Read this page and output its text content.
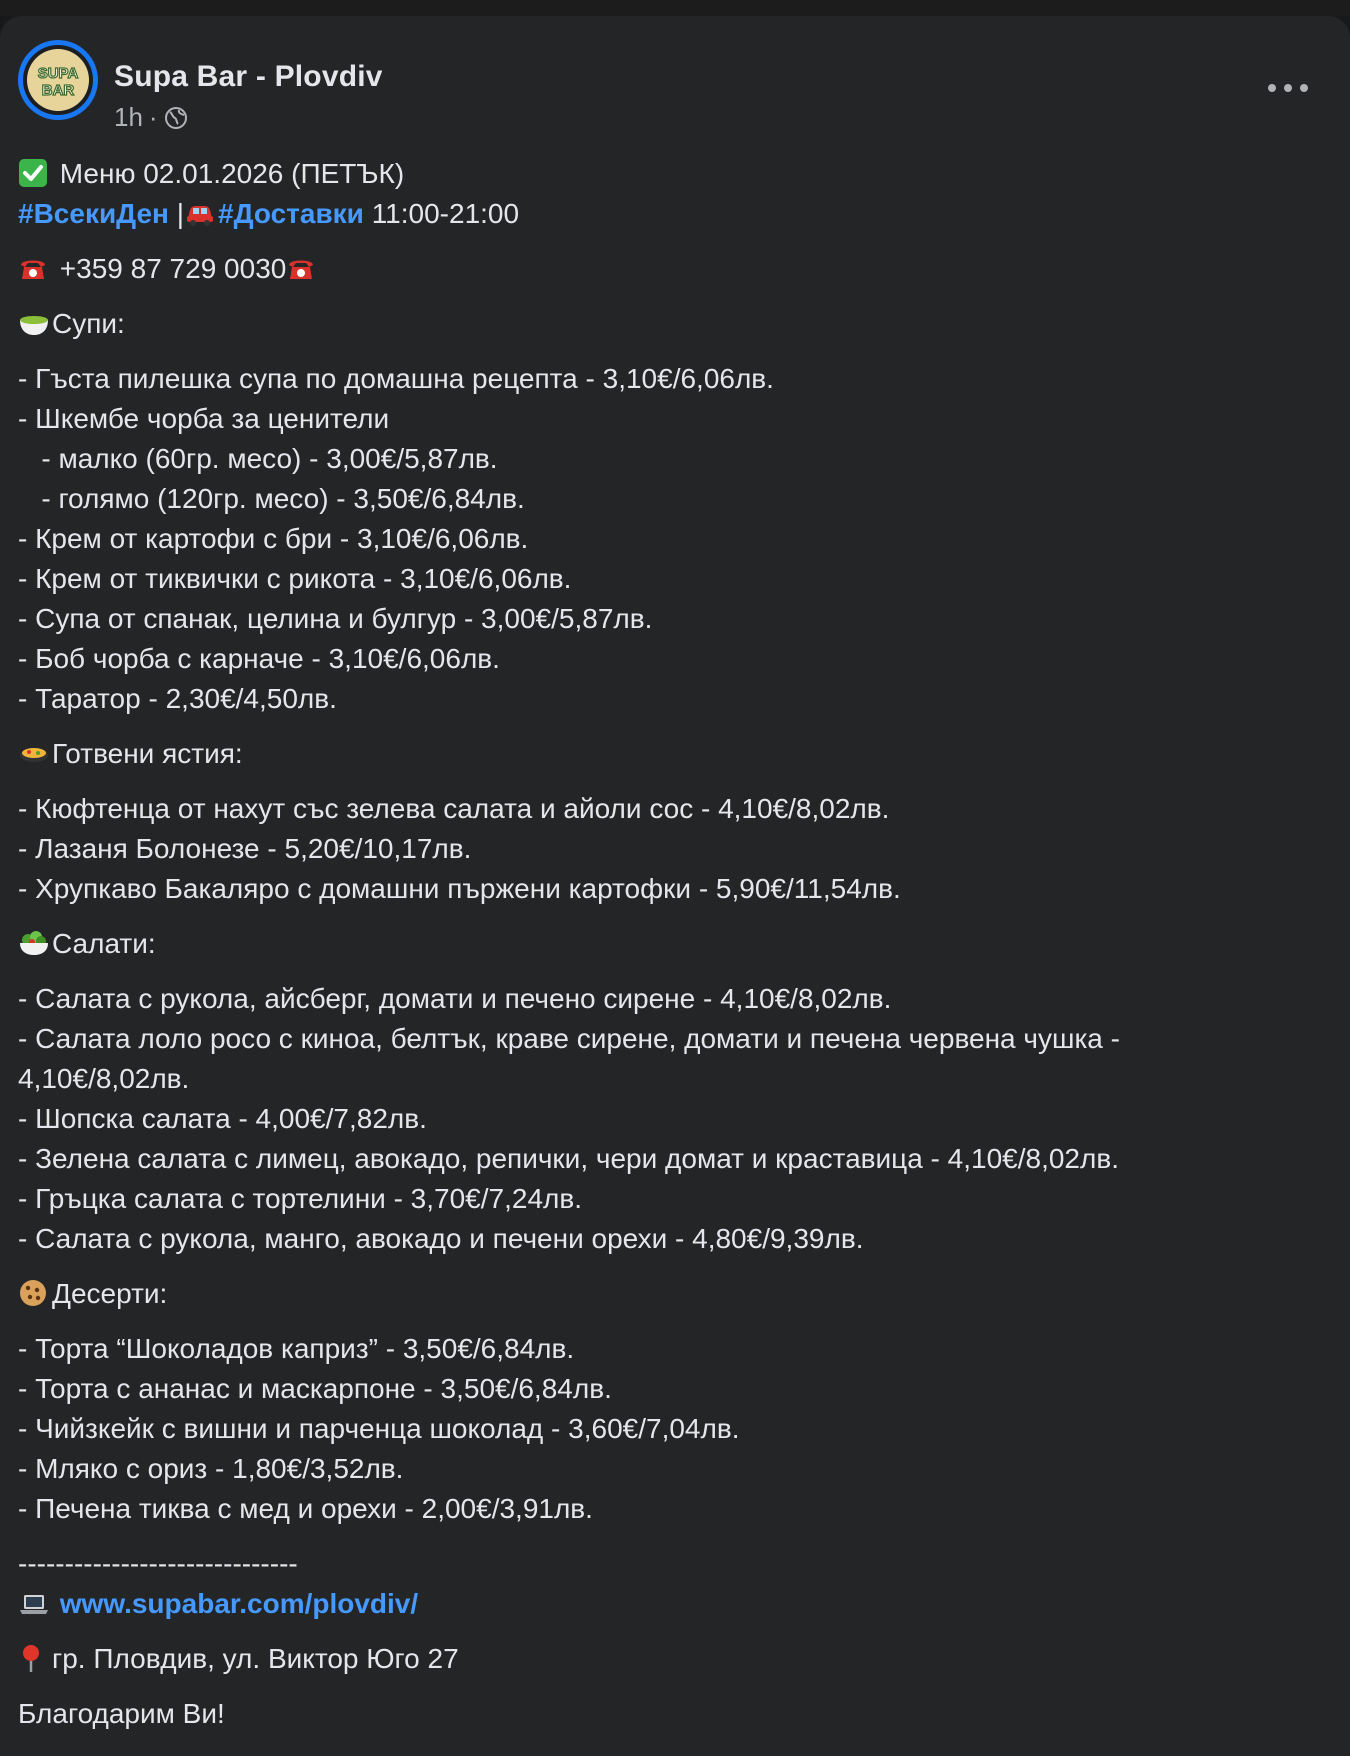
SUPA
BAR Supa Bar - Plovdiv
1h ·
Меню 02.01.2026 (ПЕТЪК)
#ВсекиДен | #Доставки 11:00-21:00
+359 87 729 0030
Супи:
- Гъста пилешка супа по домашна рецепта - 3,10€/6,06лв.
- Шкембе чорба за ценители
- малко (60гр. месо) - 3,00€/5,87лв.
- голямо (120гр. месо) - 3,50€/6,84лв.
- Крем от картофи с бри - 3,10€/6,06лв.
- Крем от тиквички с рикота - 3,10€/6,06лв.
- Супа от спанак, целина и булгур - 3,00€/5,87лв.
- Боб чорба с карначе - 3,10€/6,06лв.
- Таратор - 2,30€/4,50лв.
Готвени ястия:
- Кюфтенца от нахут със зелева салата и айоли сос - 4,10€/8,02лв.
- Лазаня Болонезе - 5,20€/10,17лв.
- Хрупкаво Бакаляро с домашни пържени картофки - 5,90€/11,54лв.
Салати:
- Салата с рукола, айсберг, домати и печено сирене - 4,10€/8,02лв.
- Салата лоло росо с киноа, белтък, краве сирене, домати и печена червена чушка -
4,10€/8,02лв.
- Шопска салата - 4,00€/7,82лв.
- Зелена салата с лимец, авокадо, репички, чери домат и краставица - 4,10€/8,02лв.
- Гръцка салата с тортелини - 3,70€/7,24лв.
- Салата с рукола, манго, авокадо и печени орехи - 4,80€/9,39лв.
Десерти:
- Торта “Шоколадов каприз” - 3,50€/6,84лв.
- Торта с ананас и маскарпоне - 3,50€/6,84лв.
- Чийзкейк с вишни и парченца шоколад - 3,60€/7,04лв.
- Мляко с ориз - 1,80€/3,52лв.
- Печена тиква с мед и орехи - 2,00€/3,91лв.
------------------------------
www.supabar.com/plovdiv/
гр. Пловдив, ул. Виктор Юго 27
Благодарим Ви!
